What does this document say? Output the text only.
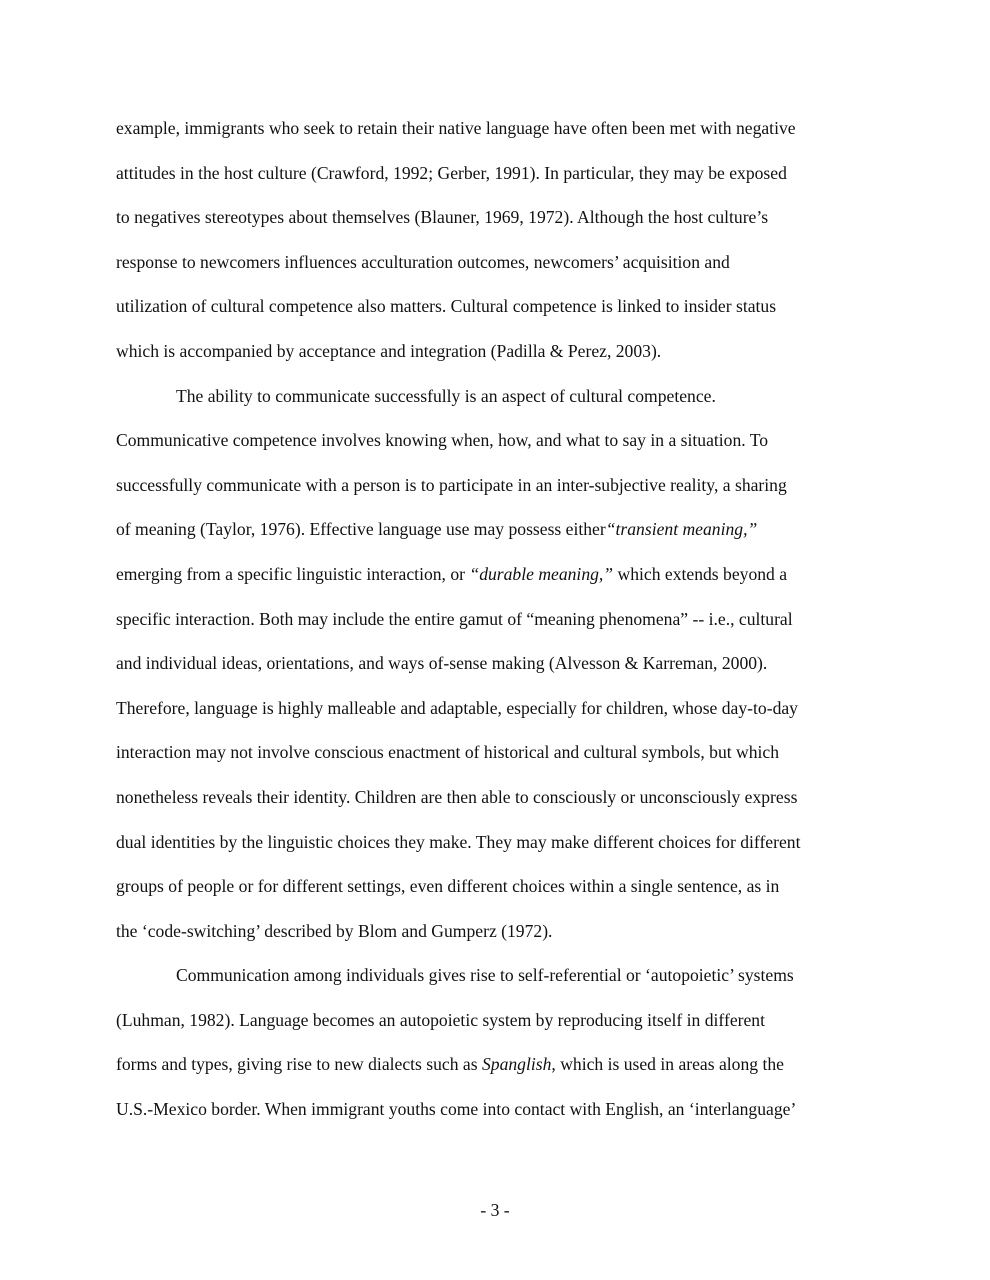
example, immigrants who seek to retain their native language have often been met with negative
attitudes in the host culture (Crawford, 1992; Gerber, 1991). In particular, they may be exposed
to negatives stereotypes about themselves (Blauner, 1969, 1972). Although the host culture’s
response to newcomers influences acculturation outcomes, newcomers’ acquisition and
utilization of cultural competence also matters. Cultural competence is linked to insider status
which is accompanied by acceptance and integration (Padilla & Perez, 2003).
The ability to communicate successfully is an aspect of cultural competence.
Communicative competence involves knowing when, how, and what to say in a situation. To
successfully communicate with a person is to participate in an inter-subjective reality, a sharing
of meaning (Taylor, 1976). Effective language use may possess either“transient meaning,”
emerging from a specific linguistic interaction, or “durable meaning,” which extends beyond a
specific interaction. Both may include the entire gamut of “meaning phenomena” -- i.e., cultural
and individual ideas, orientations, and ways of-sense making (Alvesson & Karreman, 2000).
Therefore, language is highly malleable and adaptable, especially for children, whose day-to-day
interaction may not involve conscious enactment of historical and cultural symbols, but which
nonetheless reveals their identity. Children are then able to consciously or unconsciously express
dual identities by the linguistic choices they make. They may make different choices for different
groups of people or for different settings, even different choices within a single sentence, as in
the ‘code-switching’ described by Blom and Gumperz (1972).
Communication among individuals gives rise to self-referential or ‘autopoietic’ systems
(Luhman, 1982). Language becomes an autopoietic system by reproducing itself in different
forms and types, giving rise to new dialects such as Spanglish, which is used in areas along the
U.S.-Mexico border. When immigrant youths come into contact with English, an ‘interlanguage’
- 3 -
